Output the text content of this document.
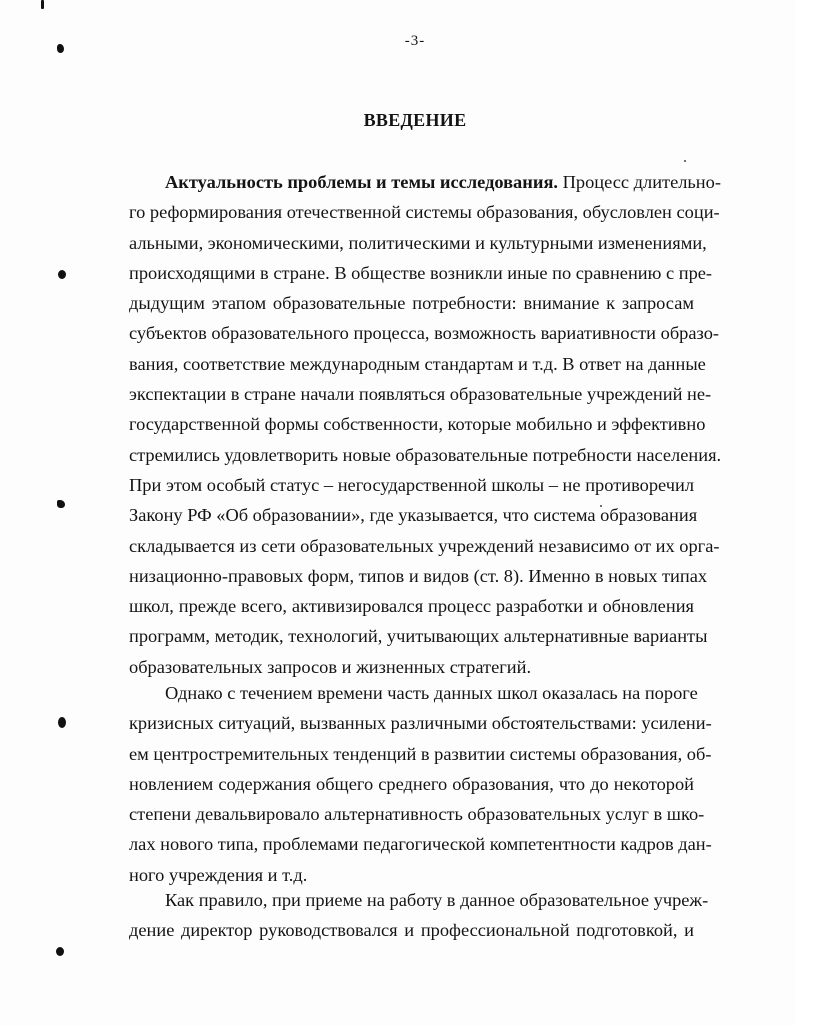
-3-
ВВЕДЕНИЕ
Актуальность проблемы и темы исследования. Процесс длительно-
го реформирования отечественной системы образования, обусловлен соци-
альными, экономическими, политическими и культурными изменениями,
происходящими в стране. В обществе возникли иные по сравнению с пре-
дыдущим этапом образовательные потребности: внимание к запросам
субъектов образовательного процесса, возможность вариативности образо-
вания, соответствие международным стандартам и т.д. В ответ на данные
экспектации в стране начали появляться образовательные учреждений не-
государственной формы собственности, которые мобильно и эффективно
стремились удовлетворить новые образовательные потребности населения.
При этом особый статус – негосударственной школы – не противоречил
Закону РФ «Об образовании», где указывается, что система образования
складывается из сети образовательных учреждений независимо от их орга-
низационно-правовых форм, типов и видов (ст. 8). Именно в новых типах
школ, прежде всего, активизировался процесс разработки и обновления
программ, методик, технологий, учитывающих альтернативные варианты
образовательных запросов и жизненных стратегий.
Однако с течением времени часть данных школ оказалась на пороге
кризисных ситуаций, вызванных различными обстоятельствами: усилени-
ем центростремительных тенденций в развитии системы образования, об-
новлением содержания общего среднего образования, что до некоторой
степени девальвировало альтернативность образовательных услуг в шко-
лах нового типа, проблемами педагогической компетентности кадров дан-
ного учреждения и т.д.
Как правило, при приеме на работу в данное образовательное учреж-
дение директор руководствовался и профессиональной подготовкой, и
